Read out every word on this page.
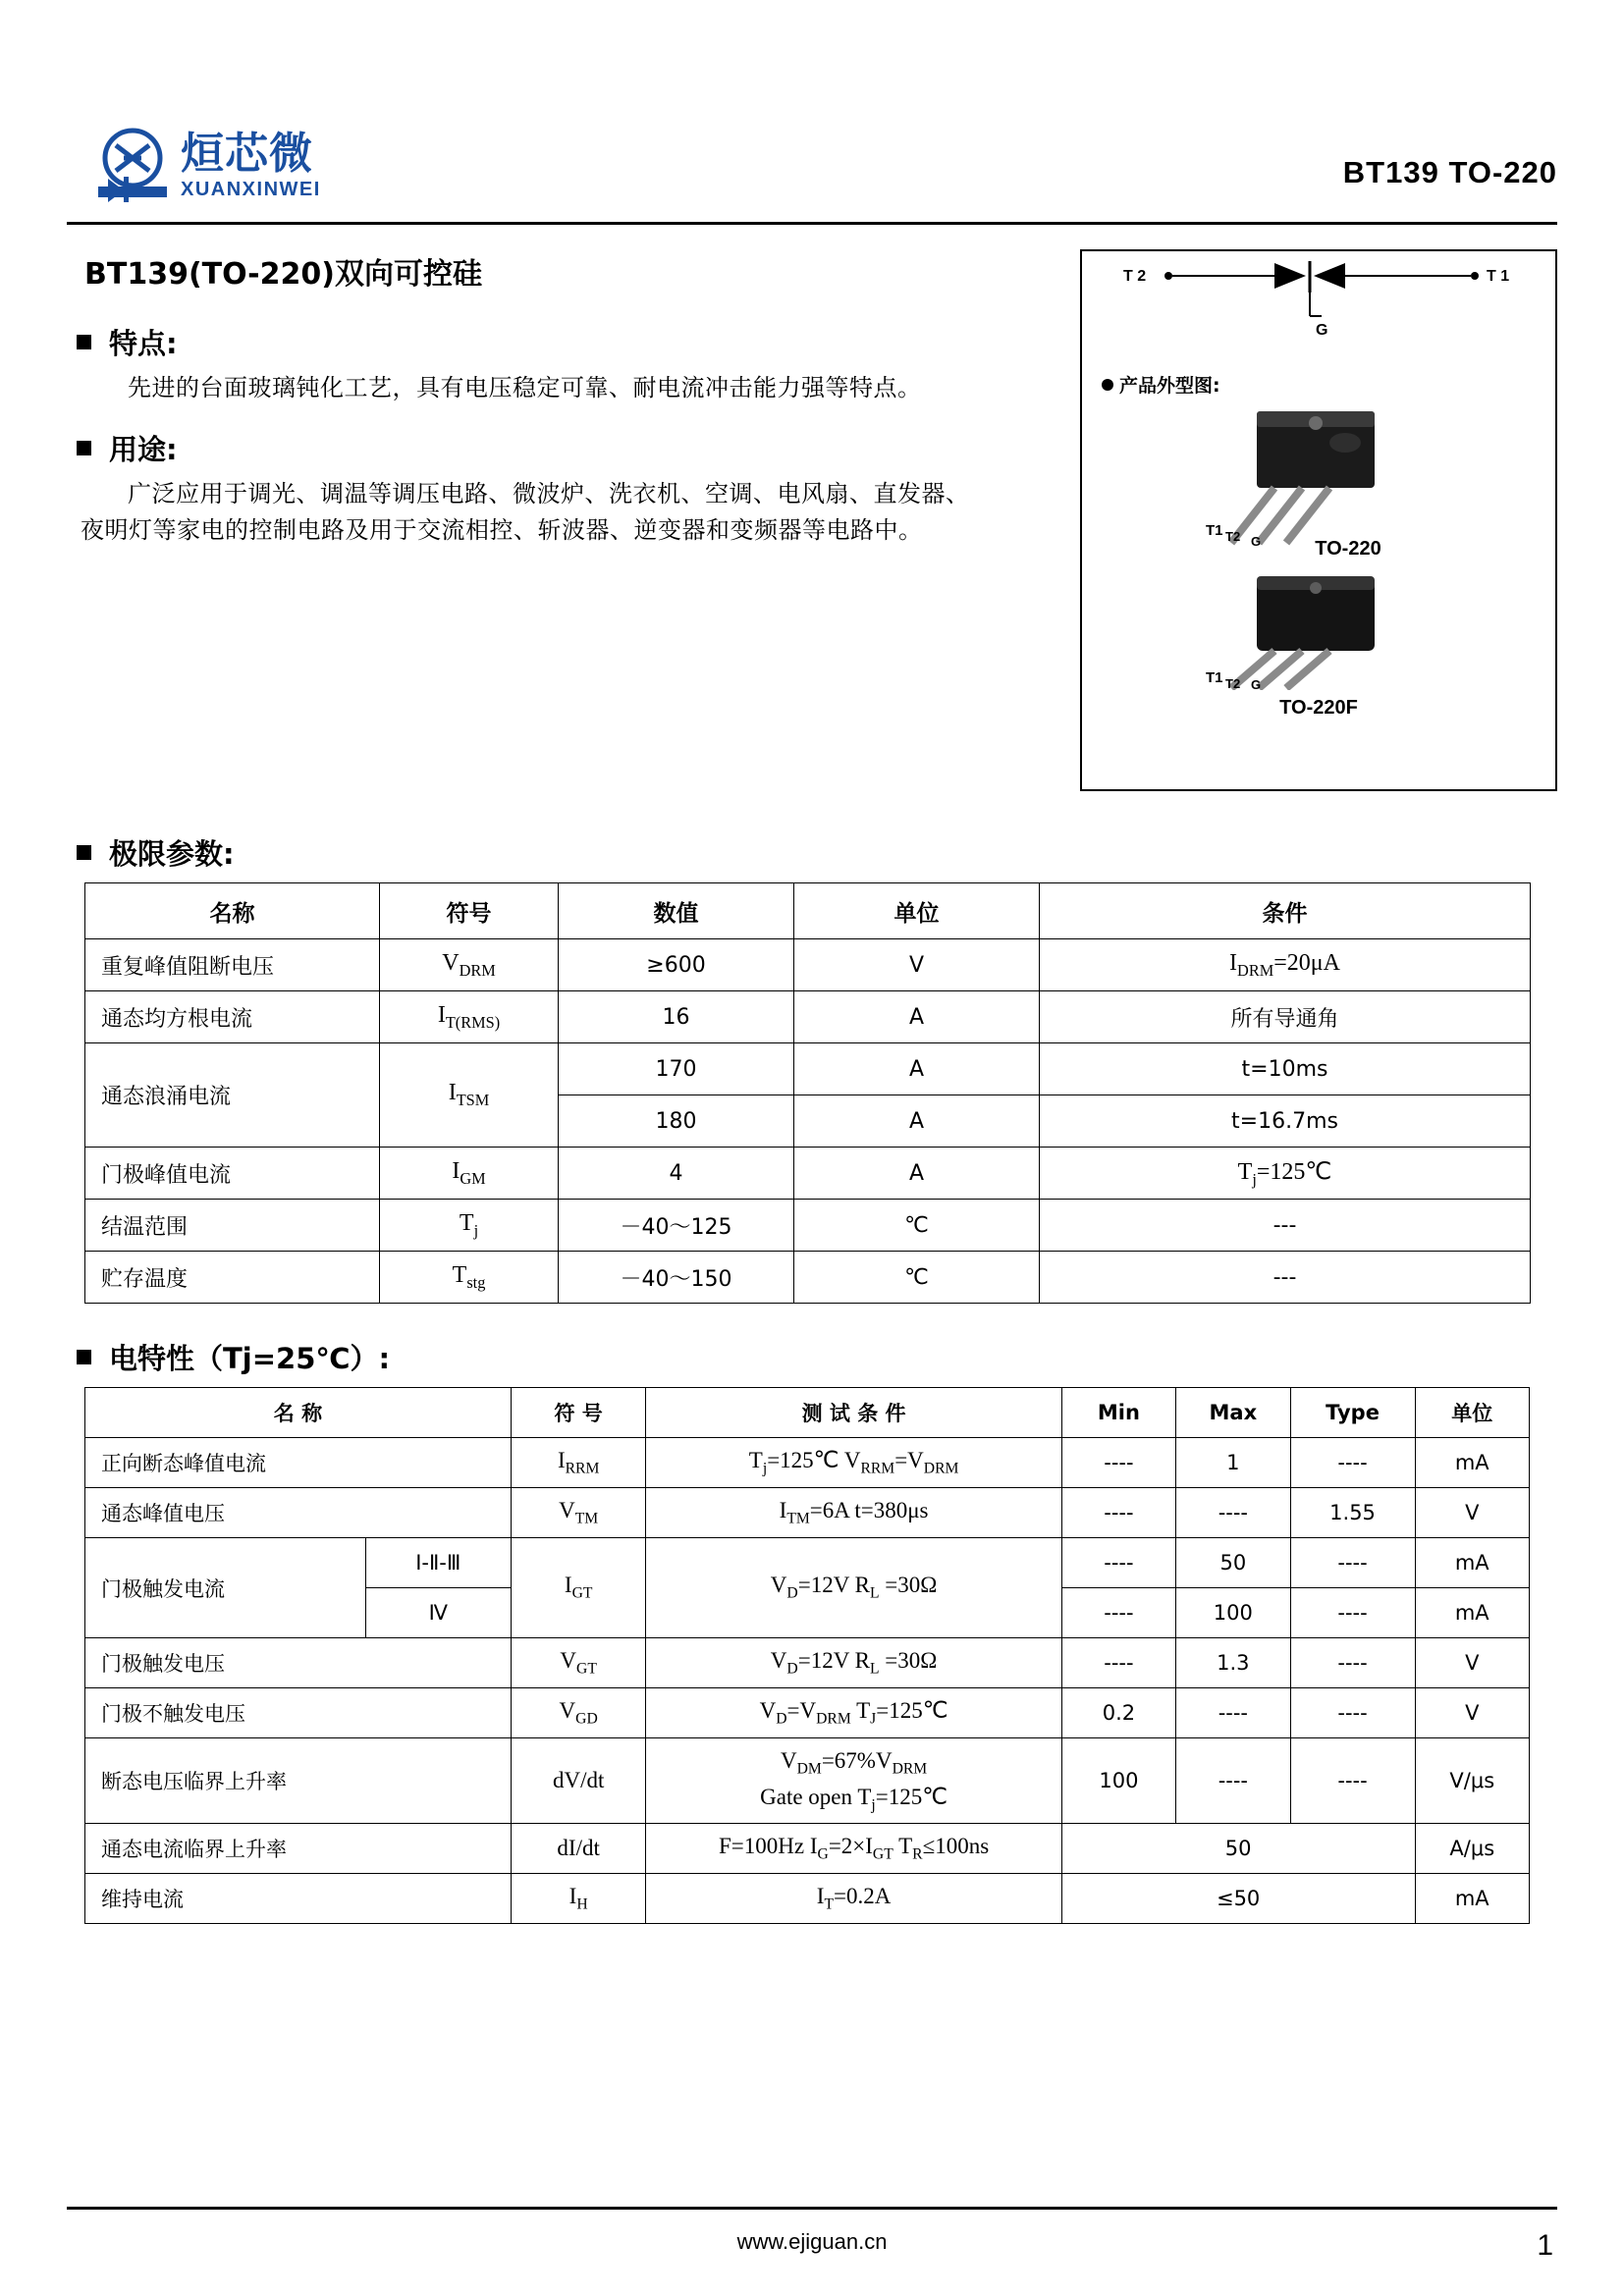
烜芯微
XUANXINWEI	BT139 TO-220
BT139(TO-220)双向可控硅
特点:
先进的台面玻璃钝化工艺，具有电压稳定可靠、耐电流冲击能力强等特点。
用途:
广泛应用于调光、调温等调压电路、微波炉、洗衣机、空调、电风扇、直发器、夜明灯等家电的控制电路及用于交流相控、斩波器、逆变器和变频器等电路中。
T 2	T 1
G
产品外型图:
T1 T2 G	TO-220
T1 T2 G
TO-220F
极限参数:
名称	符号	数值	单位	条件
重复峰值阻断电压	$V_{DRM}$	≥600	V	$I_{DRM}=20\mu A$
通态均方根电流	$I_{T(RMS)}$	16	A	所有导通角
通态浪涌电流	$I_{TSM}$	170	A	t=10ms
		180	A	t=16.7ms
门极峰值电流	$I_{GM}$	4	A	$T_j=125℃$
结温范围	$T_j$	－40～125	℃	---
贮存温度	$T_{stg}$	－40～150	℃	---
电特性（Tj=25℃）:
名 称		符 号	测 试 条 件	Min	Max	Type	单位
正向断态峰值电流		$I_{RRM}$	$T_j=125℃$ $V_{RRM}=V_{DRM}$	----	1	----	mA
通态峰值电压		$V_{TM}$	$I_{TM}=6A$ t=380μs	----	----	1.55	V
门极触发电流	Ⅰ-Ⅱ-Ⅲ	$I_{GT}$	$V_D=12V$ $R_L =30\Omega$	----	50	----	mA
	Ⅳ			----	100	----	mA
门极触发电压		$V_{GT}$	$V_D=12V$ $R_L =30\Omega$	----	1.3	----	V
门极不触发电压		$V_{GD}$	$V_D=V_{DRM}$ $T_J=125℃$	0.2	----	----	V
断态电压临界上升率		dV/dt	$V_{DM}=67\%V_{DRM}$
Gate open $T_j=125℃$	100	----	----	V/μs
通态电流临界上升率		dI/dt	F=100Hz $I_G=2\times I_{GT}$ $T_R\le 100ns$	50			A/μs
维持电流		$I_H$	$I_T=0.2A$	≤50			mA
www.ejiguan.cn	1
